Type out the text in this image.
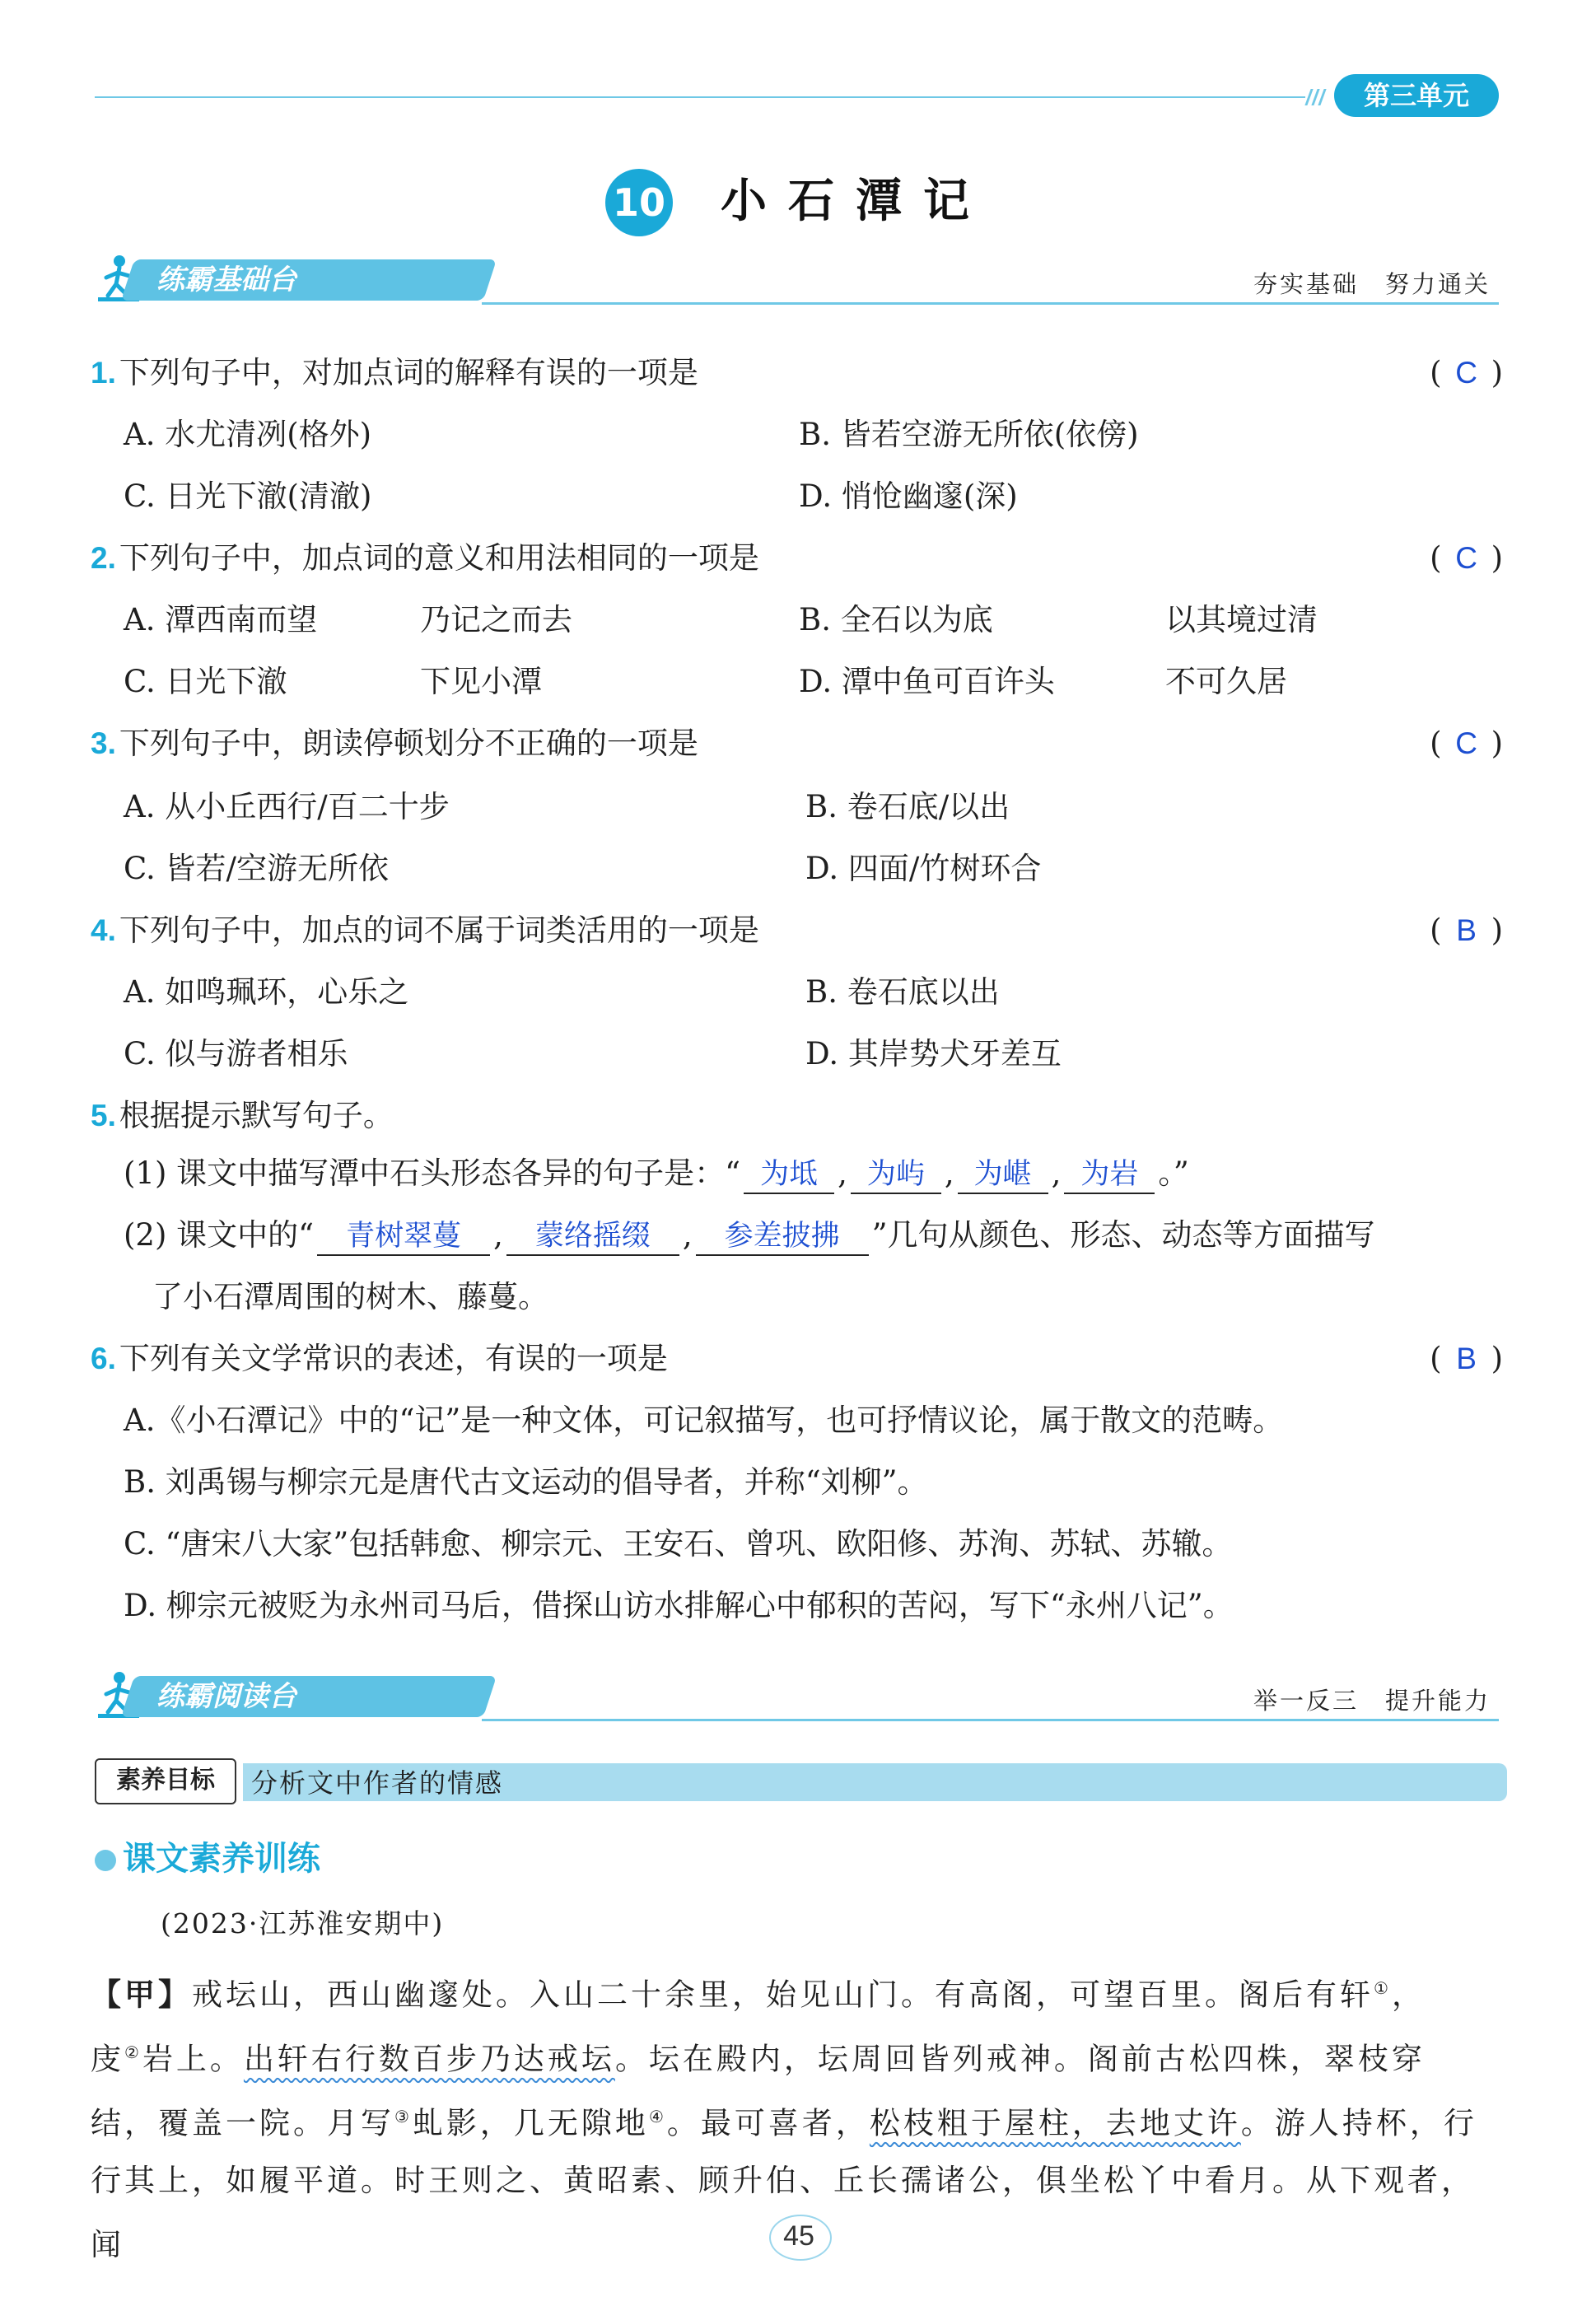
第三单元
10 小石潭记
练霸基础台	夯实基础　努力通关
1. 下列句子中，对加点词的解释有误的一项是	( C )
A. 水尤清冽(格外)	B. 皆若空游无所依(依傍)
C. 日光下澈(清澈)	D. 悄怆幽邃(深)
2. 下列句子中，加点词的意义和用法相同的一项是	( C )
A. 潭西南而望	乃记之而去	B. 全石以为底	以其境过清
C. 日光下澈	下见小潭	D. 潭中鱼可百许头	不可久居
3. 下列句子中，朗读停顿划分不正确的一项是	( C )
A. 从小丘西行/百二十步	B. 卷石底/以出
C. 皆若/空游无所依	D. 四面/竹树环合
4. 下列句子中，加点的词不属于词类活用的一项是	( B )
A. 如鸣珮环，心乐之	B. 卷石底以出
C. 似与游者相乐	D. 其岸势犬牙差互
5. 根据提示默写句子。
(1) 课文中描写潭中石头形态各异的句子是：“ 为坻 , 为屿 , 为嵁 , 为岩 。”
(2) 课文中的“ 青树翠蔓 , 蒙络摇缀 , 参差披拂 ”几句从颜色、形态、动态等方面描写
了小石潭周围的树木、藤蔓。
6. 下列有关文学常识的表述，有误的一项是	( B )
A.《小石潭记》中的“记”是一种文体，可记叙描写，也可抒情议论，属于散文的范畴。
B. 刘禹锡与柳宗元是唐代古文运动的倡导者，并称“刘柳”。
C. “唐宋八大家”包括韩愈、柳宗元、王安石、曾巩、欧阳修、苏洵、苏轼、苏辙。
D. 柳宗元被贬为永州司马后，借探山访水排解心中郁积的苦闷，写下“永州八记”。
练霸阅读台	举一反三　提升能力
素养目标	分析文中作者的情感
课文素养训练
(2023·江苏淮安期中)
【甲】戒坛山，西山幽邃处。入山二十余里，始见山门。有高阁，可望百里。阁后有轩①，
庋②岩上。出轩右行数百步乃达戒坛。坛在殿内，坛周回皆列戒神。阁前古松四株，翠枝穿
结，覆盖一院。月写③虬影，几无隙地④。最可喜者，松枝粗于屋柱，去地丈许。游人持杯，行
行其上，如履平道。时王则之、黄昭素、顾升伯、丘长孺诸公，俱坐松丫中看月。从下观者，闻	45
